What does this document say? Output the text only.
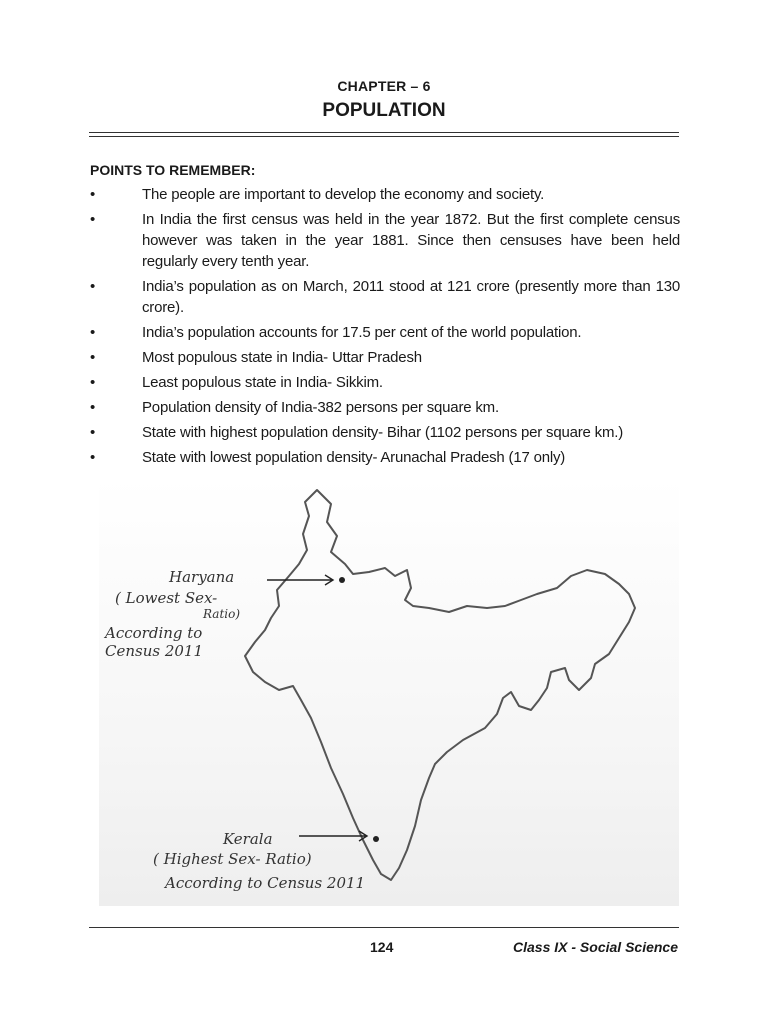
CHAPTER – 6
POPULATION
POINTS TO REMEMBER:
•	The people are important to develop the economy and society.
•	In India the first census was held in the year 1872. But the first complete census however was taken in the year 1881. Since then censuses have been held regularly every tenth year.
•	India’s population as on March, 2011 stood at 121 crore (presently more than 130 crore).
•	India’s population accounts for 17.5 per cent of the world population.
•	Most populous state in India- Uttar Pradesh
•	Least populous state in India- Sikkim.
•	Population density of India-382 persons per square km.
•	State with highest population density- Bihar (1102 persons per square km.)
•	State with lowest population density- Arunachal Pradesh (17 only)
Haryana
( Lowest Sex-
Ratio)
According to
Census 2011
Kerala
( Highest Sex- Ratio)
According to Census 2011
124	Class IX - Social Science
